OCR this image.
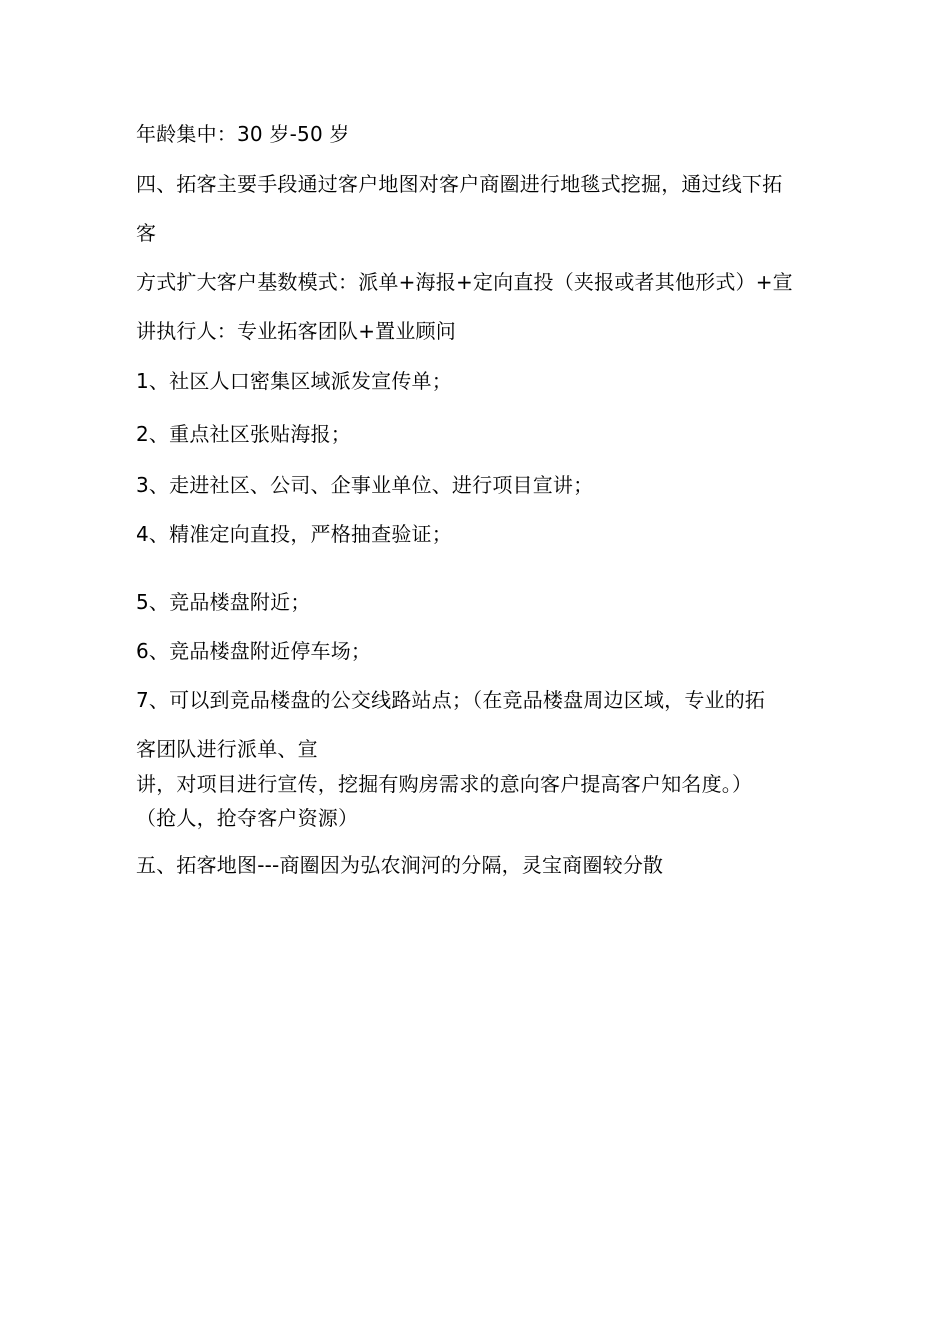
年龄集中：30 岁-50 岁
四、拓客主要手段通过客户地图对客户商圈进行地毯式挖掘，通过线下拓
客
方式扩大客户基数模式：派单+海报+定向直投（夹报或者其他形式）+宣
讲执行人：专业拓客团队+置业顾问
1、社区人口密集区域派发宣传单；
2、重点社区张贴海报；
3、走进社区、公司、企事业单位、进行项目宣讲；
4、精准定向直投，严格抽查验证；
5、竞品楼盘附近；
6、竞品楼盘附近停车场；
7、可以到竞品楼盘的公交线路站点；（在竞品楼盘周边区域，专业的拓
客团队进行派单、宣
讲，对项目进行宣传，挖掘有购房需求的意向客户提高客户知名度。）
（抢人，抢夺客户资源）
五、拓客地图---商圈因为弘农涧河的分隔，灵宝商圈较分散
